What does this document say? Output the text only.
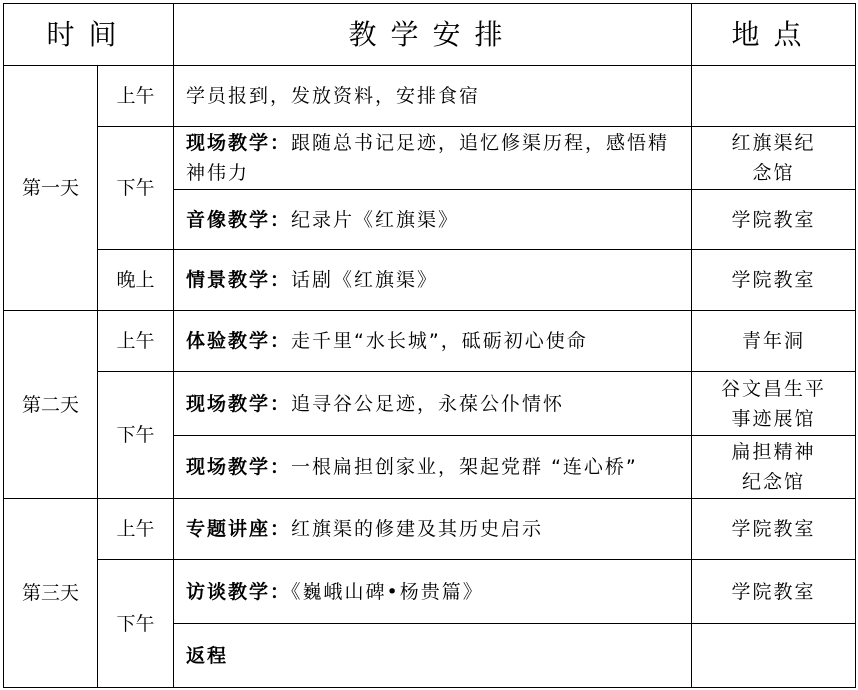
时间		教学安排	地点
第一天	上午	学员报到，发放资料，安排食宿	
	下午	现场教学：跟随总书记足迹，追忆修渠历程，感悟精神伟力	红旗渠纪念馆
		音像教学：纪录片《红旗渠》	学院教室
	晚上	情景教学：话剧《红旗渠》	学院教室
第二天	上午	体验教学：走千里“水长城”，砥砺初心使命	青年洞
	下午	现场教学：追寻谷公足迹，永葆公仆情怀	谷文昌生平事迹展馆
		现场教学：一根扁担创家业，架起党群 “连心桥”	扁担精神纪念馆
第三天	上午	专题讲座：红旗渠的修建及其历史启示	学院教室
	下午	访谈教学：《巍峨山碑•杨贵篇》	学院教室
		返程	
